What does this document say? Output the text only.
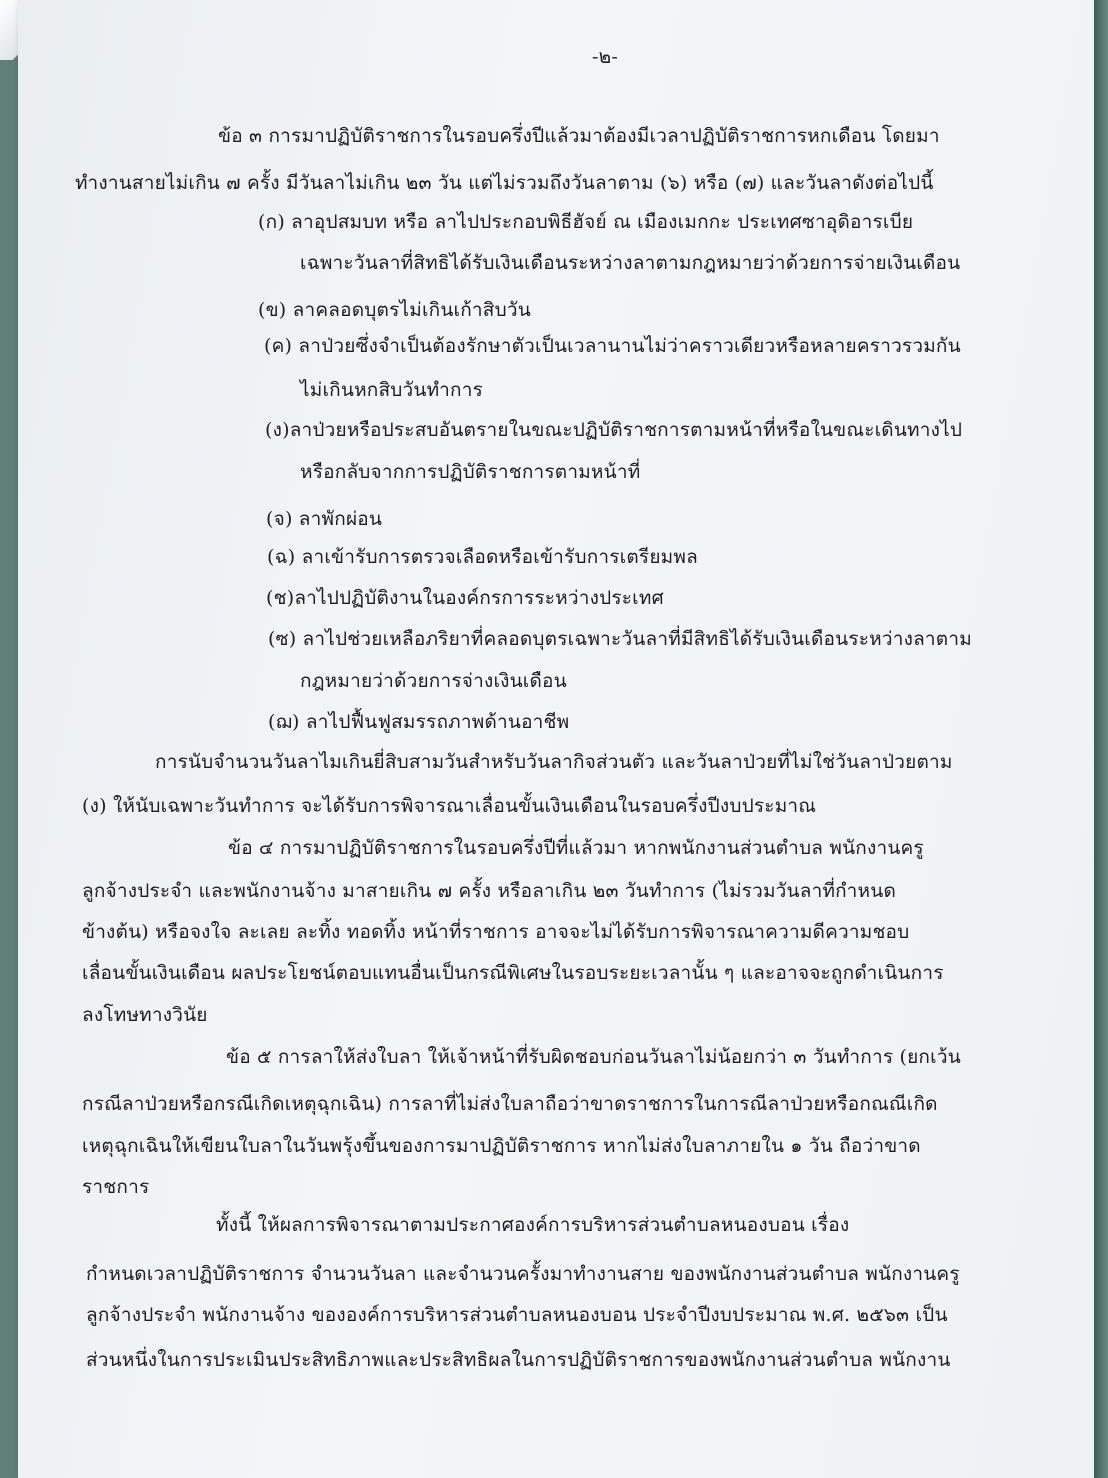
-๒-
ข้อ ๓ การมาปฏิบัติราชการในรอบครึ่งปีแล้วมาต้องมีเวลาปฏิบัติราชการหกเดือน โดยมา
ทำงานสายไม่เกิน ๗ ครั้ง มีวันลาไม่เกิน ๒๓ วัน แต่ไม่รวมถึงวันลาตาม (๖) หรือ (๗) และวันลาดังต่อไปนี้
(ก) ลาอุปสมบท หรือ ลาไปประกอบพิธีฮัจย์ ณ เมืองเมกกะ ประเทศซาอุดิอารเบีย
เฉพาะวันลาที่สิทธิได้รับเงินเดือนระหว่างลาตามกฎหมายว่าด้วยการจ่ายเงินเดือน
(ข) ลาคลอดบุตรไม่เกินเก้าสิบวัน
(ค) ลาป่วยซึ่งจำเป็นต้องรักษาตัวเป็นเวลานานไม่ว่าคราวเดียวหรือหลายคราวรวมกัน
ไม่เกินหกสิบวันทำการ
(ง)ลาป่วยหรือประสบอันตรายในขณะปฏิบัติราชการตามหน้าที่หรือในขณะเดินทางไป
หรือกลับจากการปฏิบัติราชการตามหน้าที่
(จ) ลาพักผ่อน
(ฉ) ลาเข้ารับการตรวจเลือดหรือเข้ารับการเตรียมพล
(ช)ลาไปปฏิบัติงานในองค์กรการระหว่างประเทศ
(ซ) ลาไปช่วยเหลือภริยาที่คลอดบุตรเฉพาะวันลาที่มีสิทธิได้รับเงินเดือนระหว่างลาตาม
กฎหมายว่าด้วยการจ่างเงินเดือน
(ฌ) ลาไปฟื้นฟูสมรรถภาพด้านอาชีพ
การนับจำนวนวันลาไมเกินยี่สิบสามวันสำหรับวันลากิจส่วนตัว และวันลาป่วยที่ไม่ใช่วันลาป่วยตาม
(ง) ให้นับเฉพาะวันทำการ จะได้รับการพิจารณาเลื่อนขั้นเงินเดือนในรอบครึ่งปีงบประมาณ
ข้อ ๔ การมาปฏิบัติราชการในรอบครึ่งปีที่แล้วมา หากพนักงานส่วนตำบล พนักงานครู
ลูกจ้างประจำ และพนักงานจ้าง มาสายเกิน ๗ ครั้ง หรือลาเกิน ๒๓ วันทำการ (ไม่รวมวันลาที่กำหนด
ข้างต้น) หรือจงใจ ละเลย ละทิ้ง ทอดทิ้ง หน้าที่ราชการ อาจจะไม่ได้รับการพิจารณาความดีความชอบ
เลื่อนขั้นเงินเดือน ผลประโยชน์ตอบแทนอื่นเป็นกรณีพิเศษในรอบระยะเวลานั้น ๆ และอาจจะถูกดำเนินการ
ลงโทษทางวินัย
ข้อ ๕ การลาให้ส่งใบลา ให้เจ้าหน้าที่รับผิดชอบก่อนวันลาไม่น้อยกว่า ๓ วันทำการ (ยกเว้น
กรณีลาป่วยหรือกรณีเกิดเหตุฉุกเฉิน) การลาที่ไม่ส่งใบลาถือว่าขาดราชการในการณีลาป่วยหรือกณณีเกิด
เหตุฉุกเฉินให้เขียนใบลาในวันพรุ้งขึ้นของการมาปฏิบัติราชการ หากไม่ส่งใบลาภายใน ๑ วัน ถือว่าขาด
ราชการ
ทั้งนี้ ให้ผลการพิจารณาตามประกาศองค์การบริหารส่วนตำบลหนองบอน เรื่อง
กำหนดเวลาปฏิบัติราชการ จำนวนวันลา และจำนวนครั้งมาทำงานสาย ของพนักงานส่วนตำบล พนักงานครู
ลูกจ้างประจำ พนักงานจ้าง ขององค์การบริหารส่วนตำบลหนองบอน ประจำปีงบประมาณ พ.ศ. ๒๕๖๓ เป็น
ส่วนหนึ่งในการประเมินประสิทธิภาพและประสิทธิผลในการปฏิบัติราชการของพนักงานส่วนตำบล พนักงาน
